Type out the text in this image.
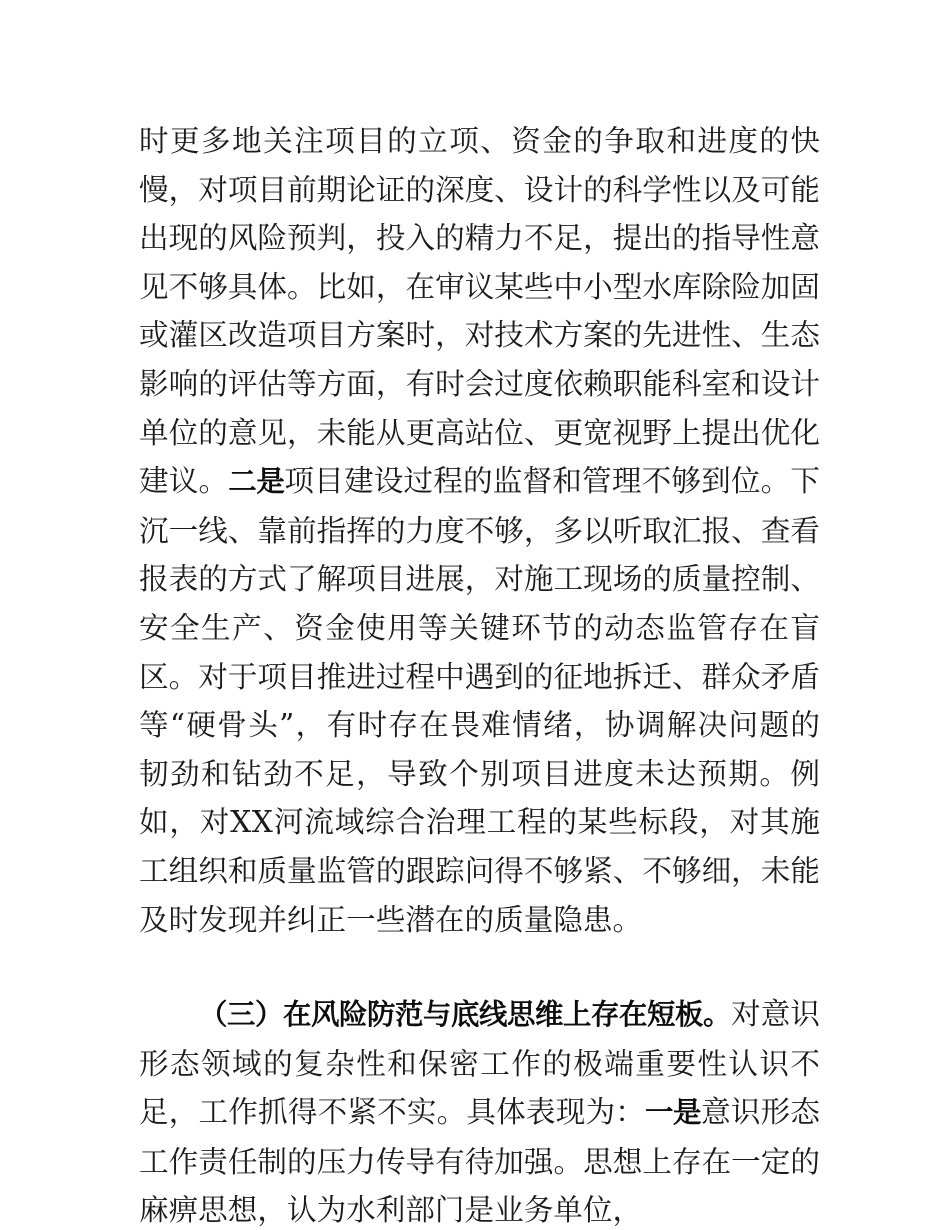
时更多地关注项目的立项、资金的争取和进度的快慢，对项目前期论证的深度、设计的科学性以及可能出现的风险预判，投入的精力不足，提出的指导性意见不够具体。比如，在审议某些中小型水库除险加固或灌区改造项目方案时，对技术方案的先进性、生态影响的评估等方面，有时会过度依赖职能科室和设计单位的意见，未能从更高站位、更宽视野上提出优化建议。二是项目建设过程的监督和管理不够到位。下沉一线、靠前指挥的力度不够，多以听取汇报、查看报表的方式了解项目进展，对施工现场的质量控制、安全生产、资金使用等关键环节的动态监管存在盲区。对于项目推进过程中遇到的征地拆迁、群众矛盾等“硬骨头”，有时存在畏难情绪，协调解决问题的韧劲和钻劲不足，导致个别项目进度未达预期。例如，对XX河流域综合治理工程的某些标段，对其施工组织和质量监管的跟踪问得不够紧、不够细，未能及时发现并纠正一些潜在的质量隐患。

（三）在风险防范与底线思维上存在短板。对意识形态领域的复杂性和保密工作的极端重要性认识不足，工作抓得不紧不实。具体表现为：一是意识形态工作责任制的压力传导有待加强。思想上存在一定的麻痹思想，认为水利部门是业务单位，
